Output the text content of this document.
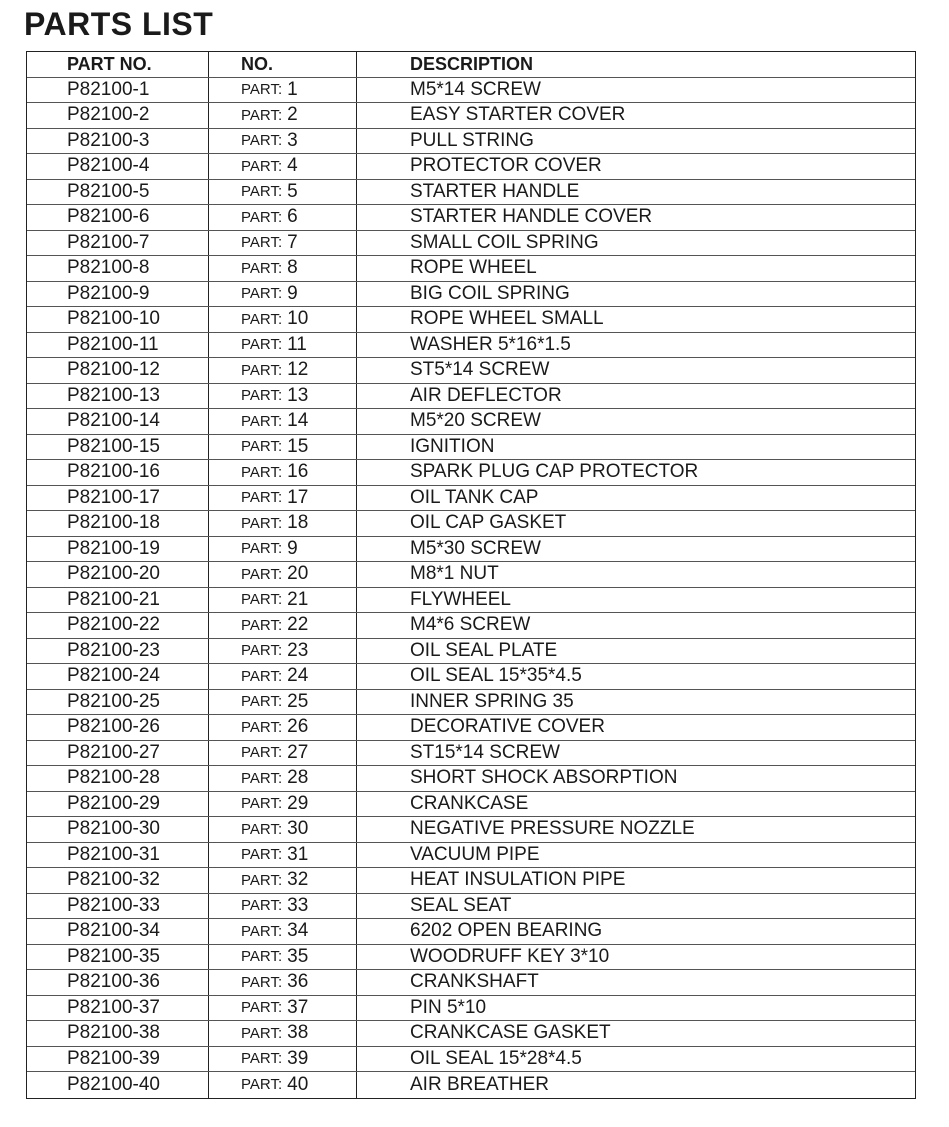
PARTS LIST
PART NO.	NO.	DESCRIPTION
P82100-1	PART: 1	M5*14 SCREW
P82100-2	PART: 2	EASY STARTER COVER
P82100-3	PART: 3	PULL STRING
P82100-4	PART: 4	PROTECTOR COVER
P82100-5	PART: 5	STARTER HANDLE
P82100-6	PART: 6	STARTER HANDLE COVER
P82100-7	PART: 7	SMALL COIL SPRING
P82100-8	PART: 8	ROPE WHEEL
P82100-9	PART: 9	BIG COIL SPRING
P82100-10	PART: 10	ROPE WHEEL SMALL
P82100-11	PART: 11	WASHER 5*16*1.5
P82100-12	PART: 12	ST5*14 SCREW
P82100-13	PART: 13	AIR DEFLECTOR
P82100-14	PART: 14	M5*20 SCREW
P82100-15	PART: 15	IGNITION
P82100-16	PART: 16	SPARK PLUG CAP PROTECTOR
P82100-17	PART: 17	OIL TANK CAP
P82100-18	PART: 18	OIL CAP GASKET
P82100-19	PART: 9	M5*30 SCREW
P82100-20	PART: 20	M8*1 NUT
P82100-21	PART: 21	FLYWHEEL
P82100-22	PART: 22	M4*6 SCREW
P82100-23	PART: 23	OIL SEAL PLATE
P82100-24	PART: 24	OIL SEAL 15*35*4.5
P82100-25	PART: 25	INNER SPRING 35
P82100-26	PART: 26	DECORATIVE COVER
P82100-27	PART: 27	ST15*14 SCREW
P82100-28	PART: 28	SHORT SHOCK ABSORPTION
P82100-29	PART: 29	CRANKCASE
P82100-30	PART: 30	NEGATIVE PRESSURE NOZZLE
P82100-31	PART: 31	VACUUM PIPE
P82100-32	PART: 32	HEAT INSULATION PIPE
P82100-33	PART: 33	SEAL SEAT
P82100-34	PART: 34	6202 OPEN BEARING
P82100-35	PART: 35	WOODRUFF KEY 3*10
P82100-36	PART: 36	CRANKSHAFT
P82100-37	PART: 37	PIN 5*10
P82100-38	PART: 38	CRANKCASE GASKET
P82100-39	PART: 39	OIL SEAL 15*28*4.5
P82100-40	PART: 40	AIR BREATHER
